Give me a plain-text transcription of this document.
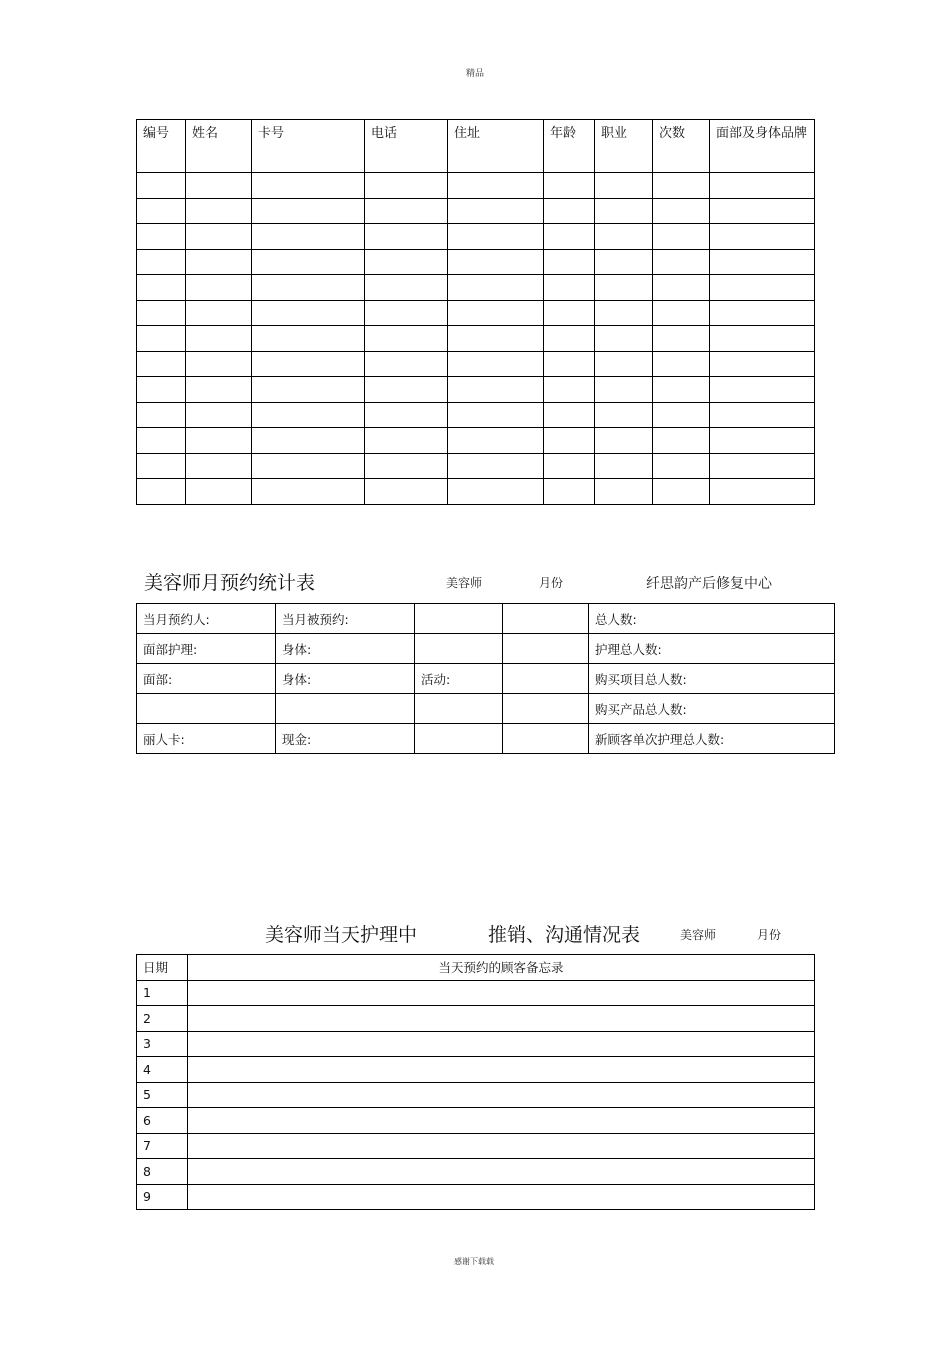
精品
编号	姓名	卡号	电话	住址	年龄	职业	次数	面部及身体品牌

美容师月预约统计表	美容师	月份	纤思韵产后修复中心
当月预约人:	当月被预约:			总人数:
面部护理:	身体:			护理总人数:
面部:	身体:	活动:		购买项目总人数:
				购买产品总人数:
丽人卡:	现金:			新顾客单次护理总人数:
美容师当天护理中	推销、沟通情况表	美容师	月份
日期	当天预约的顾客备忘录
1	
2	
3	
4	
5	
6	
7	
8	
9	
感谢下载载
